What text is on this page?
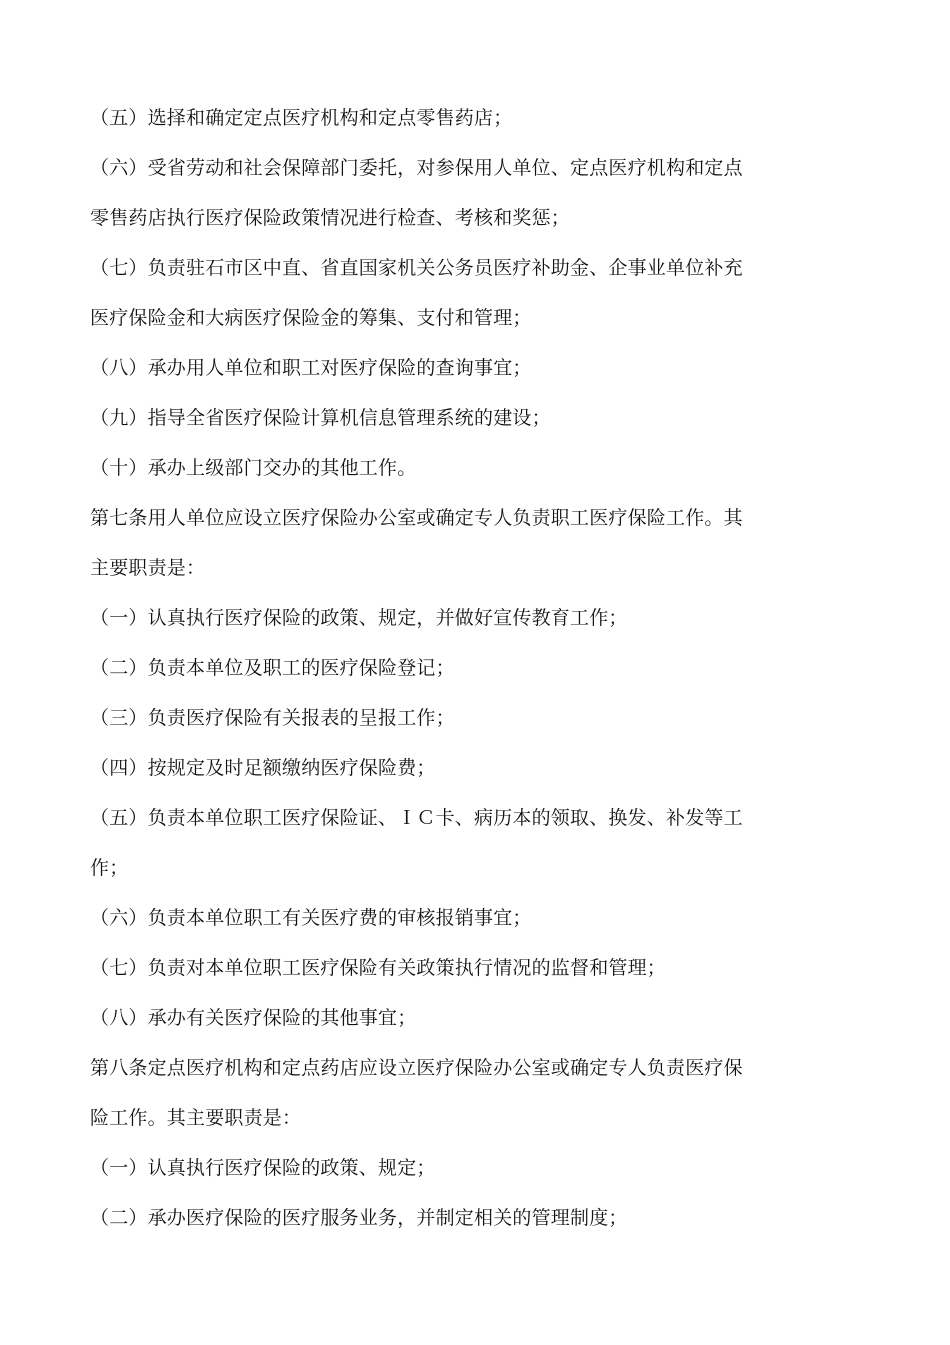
（五）选择和确定定点医疗机构和定点零售药店；

（六）受省劳动和社会保障部门委托，对参保用人单位、定点医疗机构和定点

零售药店执行医疗保险政策情况进行检查、考核和奖惩；

（七）负责驻石市区中直、省直国家机关公务员医疗补助金、企事业单位补充

医疗保险金和大病医疗保险金的筹集、支付和管理；

（八）承办用人单位和职工对医疗保险的查询事宜；

（九）指导全省医疗保险计算机信息管理系统的建设；

（十）承办上级部门交办的其他工作。

第七条用人单位应设立医疗保险办公室或确定专人负责职工医疗保险工作。其

主要职责是：

（一）认真执行医疗保险的政策、规定，并做好宣传教育工作；

（二）负责本单位及职工的医疗保险登记；

（三）负责医疗保险有关报表的呈报工作；

（四）按规定及时足额缴纳医疗保险费；

（五）负责本单位职工医疗保险证、ＩＣ卡、病历本的领取、换发、补发等工

作；

（六）负责本单位职工有关医疗费的审核报销事宜；

（七）负责对本单位职工医疗保险有关政策执行情况的监督和管理；

（八）承办有关医疗保险的其他事宜；

第八条定点医疗机构和定点药店应设立医疗保险办公室或确定专人负责医疗保

险工作。其主要职责是：

（一）认真执行医疗保险的政策、规定；

（二）承办医疗保险的医疗服务业务，并制定相关的管理制度；
